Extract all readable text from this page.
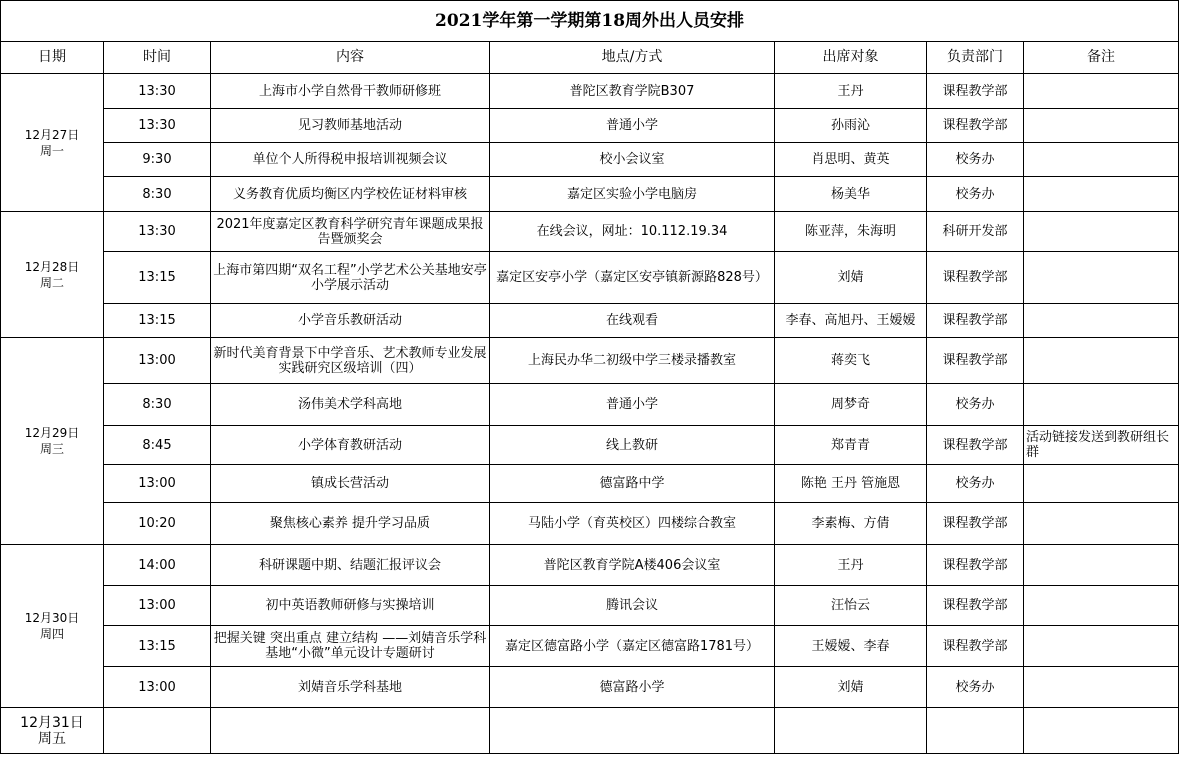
2021学年第一学期第18周外出人员安排						
日期	时间	内容	地点/方式	出席对象	负责部门	备注

12月27日
周一	13:30	上海市小学自然骨干教师研修班	普陀区教育学院B307	王丹	课程教学部	
	13:30	见习教师基地活动	普通小学	孙雨沁	课程教学部	
	9:30	单位个人所得税申报培训视频会议	校小会议室	肖思明、黄英	校务办	
	8:30	义务教育优质均衡区内学校佐证材料审核	嘉定区实验小学电脑房	杨美华	校务办	

12月28日
周二	13:30	2021年度嘉定区教育科学研究青年课题成果报告暨颁奖会	在线会议，网址：10.112.19.34	陈亚萍，朱海明	科研开发部	
	13:15	上海市第四期“双名工程”小学艺术公关基地安亭小学展示活动	嘉定区安亭小学（嘉定区安亭镇新源路828号）	刘婧	课程教学部	
	13:15	小学音乐教研活动	在线观看	李春、高旭丹、王嫒嫒	课程教学部	

12月29日
周三	13:00	新时代美育背景下中学音乐、艺术教师专业发展实践研究区级培训（四）	上海民办华二初级中学三楼录播教室	蒋奕飞	课程教学部	
	8:30	汤伟美术学科高地	普通小学	周梦奇	校务办	
	8:45	小学体育教研活动	线上教研	郑青青	课程教学部	活动链接发送到教研组长群
	13:00	镇成长营活动	德富路中学	陈艳 王丹 管施恩	校务办	
	10:20	聚焦核心素养 提升学习品质	马陆小学（育英校区）四楼综合教室	李素梅、方倩	课程教学部	

12月30日
周四	14:00	科研课题中期、结题汇报评议会	普陀区教育学院A楼406会议室	王丹	课程教学部	
	13:00	初中英语教师研修与实操培训	腾讯会议	汪怡云	课程教学部	
	13:15	把握关键 突出重点 建立结构 ——刘婧音乐学科基地“小微”单元设计专题研讨	嘉定区德富路小学（嘉定区德富路1781号）	王嫒嫒、李春	课程教学部	
	13:00	刘婧音乐学科基地	德富路小学	刘婧	校务办	

12月31日
周五						
